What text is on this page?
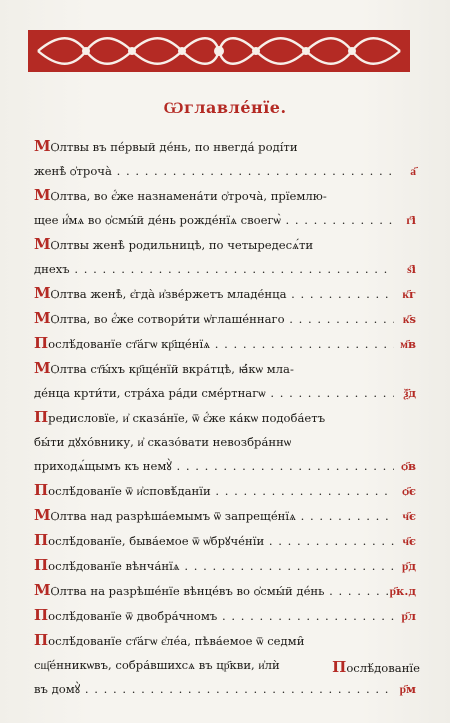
Ѡглавлéнїе.
МѺлтвы въ пéрвый дéнь, по нвегдá родíти
женѣ̀ ѻ҆трочà . . .	а҃
МѺлтва, во є҆́же назнамена́ти ѻ҆троча̀, прїемлю-
щее и҆́мѧ во ѻ҆смы́й дéнь рождéнїѧ своегѡ̀ . . .	г҃і
МѺлтвы женѣ̀ родильницѣ, по четыредесѧ́ти
днехъ . . .	ѕ҃і
МѺлтва женѣ̀, є҆гда̀ и҆зве́ржетъ младе́нца . . .	к҃г
МѺлтва, во є҆́же сотвори́ти ѡ҆глашéннаго . . .	к҃ѕ
Послѣ́дованїе ст҃а́гѡ кр҃щéнїѧ . . .	м҃в
МѺлтва ст҃ы́хъ кр҃щéнїй вкра́тцѣ, ꙗ҆́кѡ мла-
дéнца крти́ти, стра́ха ра́ди смéртнагѡ . . .	ѯ҃д
Предисловїе, и҆ сказа́нїе, ѿ є҆́же ка́кѡ подоба́етъ
бы́ти дꙋхо́внику, и҆ сказо́вати невозбра́ннѡ
приходѧ́щымъ къ немꙋ̀ . . .	ѻ҃в
Послѣ́дованїе ѿ и҆сповѣ́данїи . . .	ѻ҃є
МѺлтва над разрѣша́емымъ ѿ запрещéнїѧ . . .	ч҃є
Послѣ́дованїе, быва́емое ѿ ѡ҆брꙋчéнїи . . .	ч҃є
Послѣ́дованїе вѣнча́нїѧ . . .	р҃д
МѺлтва на разрѣшéнїе вѣнцéвъ во ѻ҆смы́й дéнь . . .	р҃к.д
Послѣ́дованїе ѿ двобра́чномъ . . .	р҃л
Послѣ́дованїе ст҃а́гѡ є҆лéа, пѣва́емое ѿ седми̑
сщ҃éнникѡвъ, собра́вшихсѧ въ цр҃кви, и҆лѝ
въ домꙋ̀ . . .	р҃м
Послѣ́дованїе
